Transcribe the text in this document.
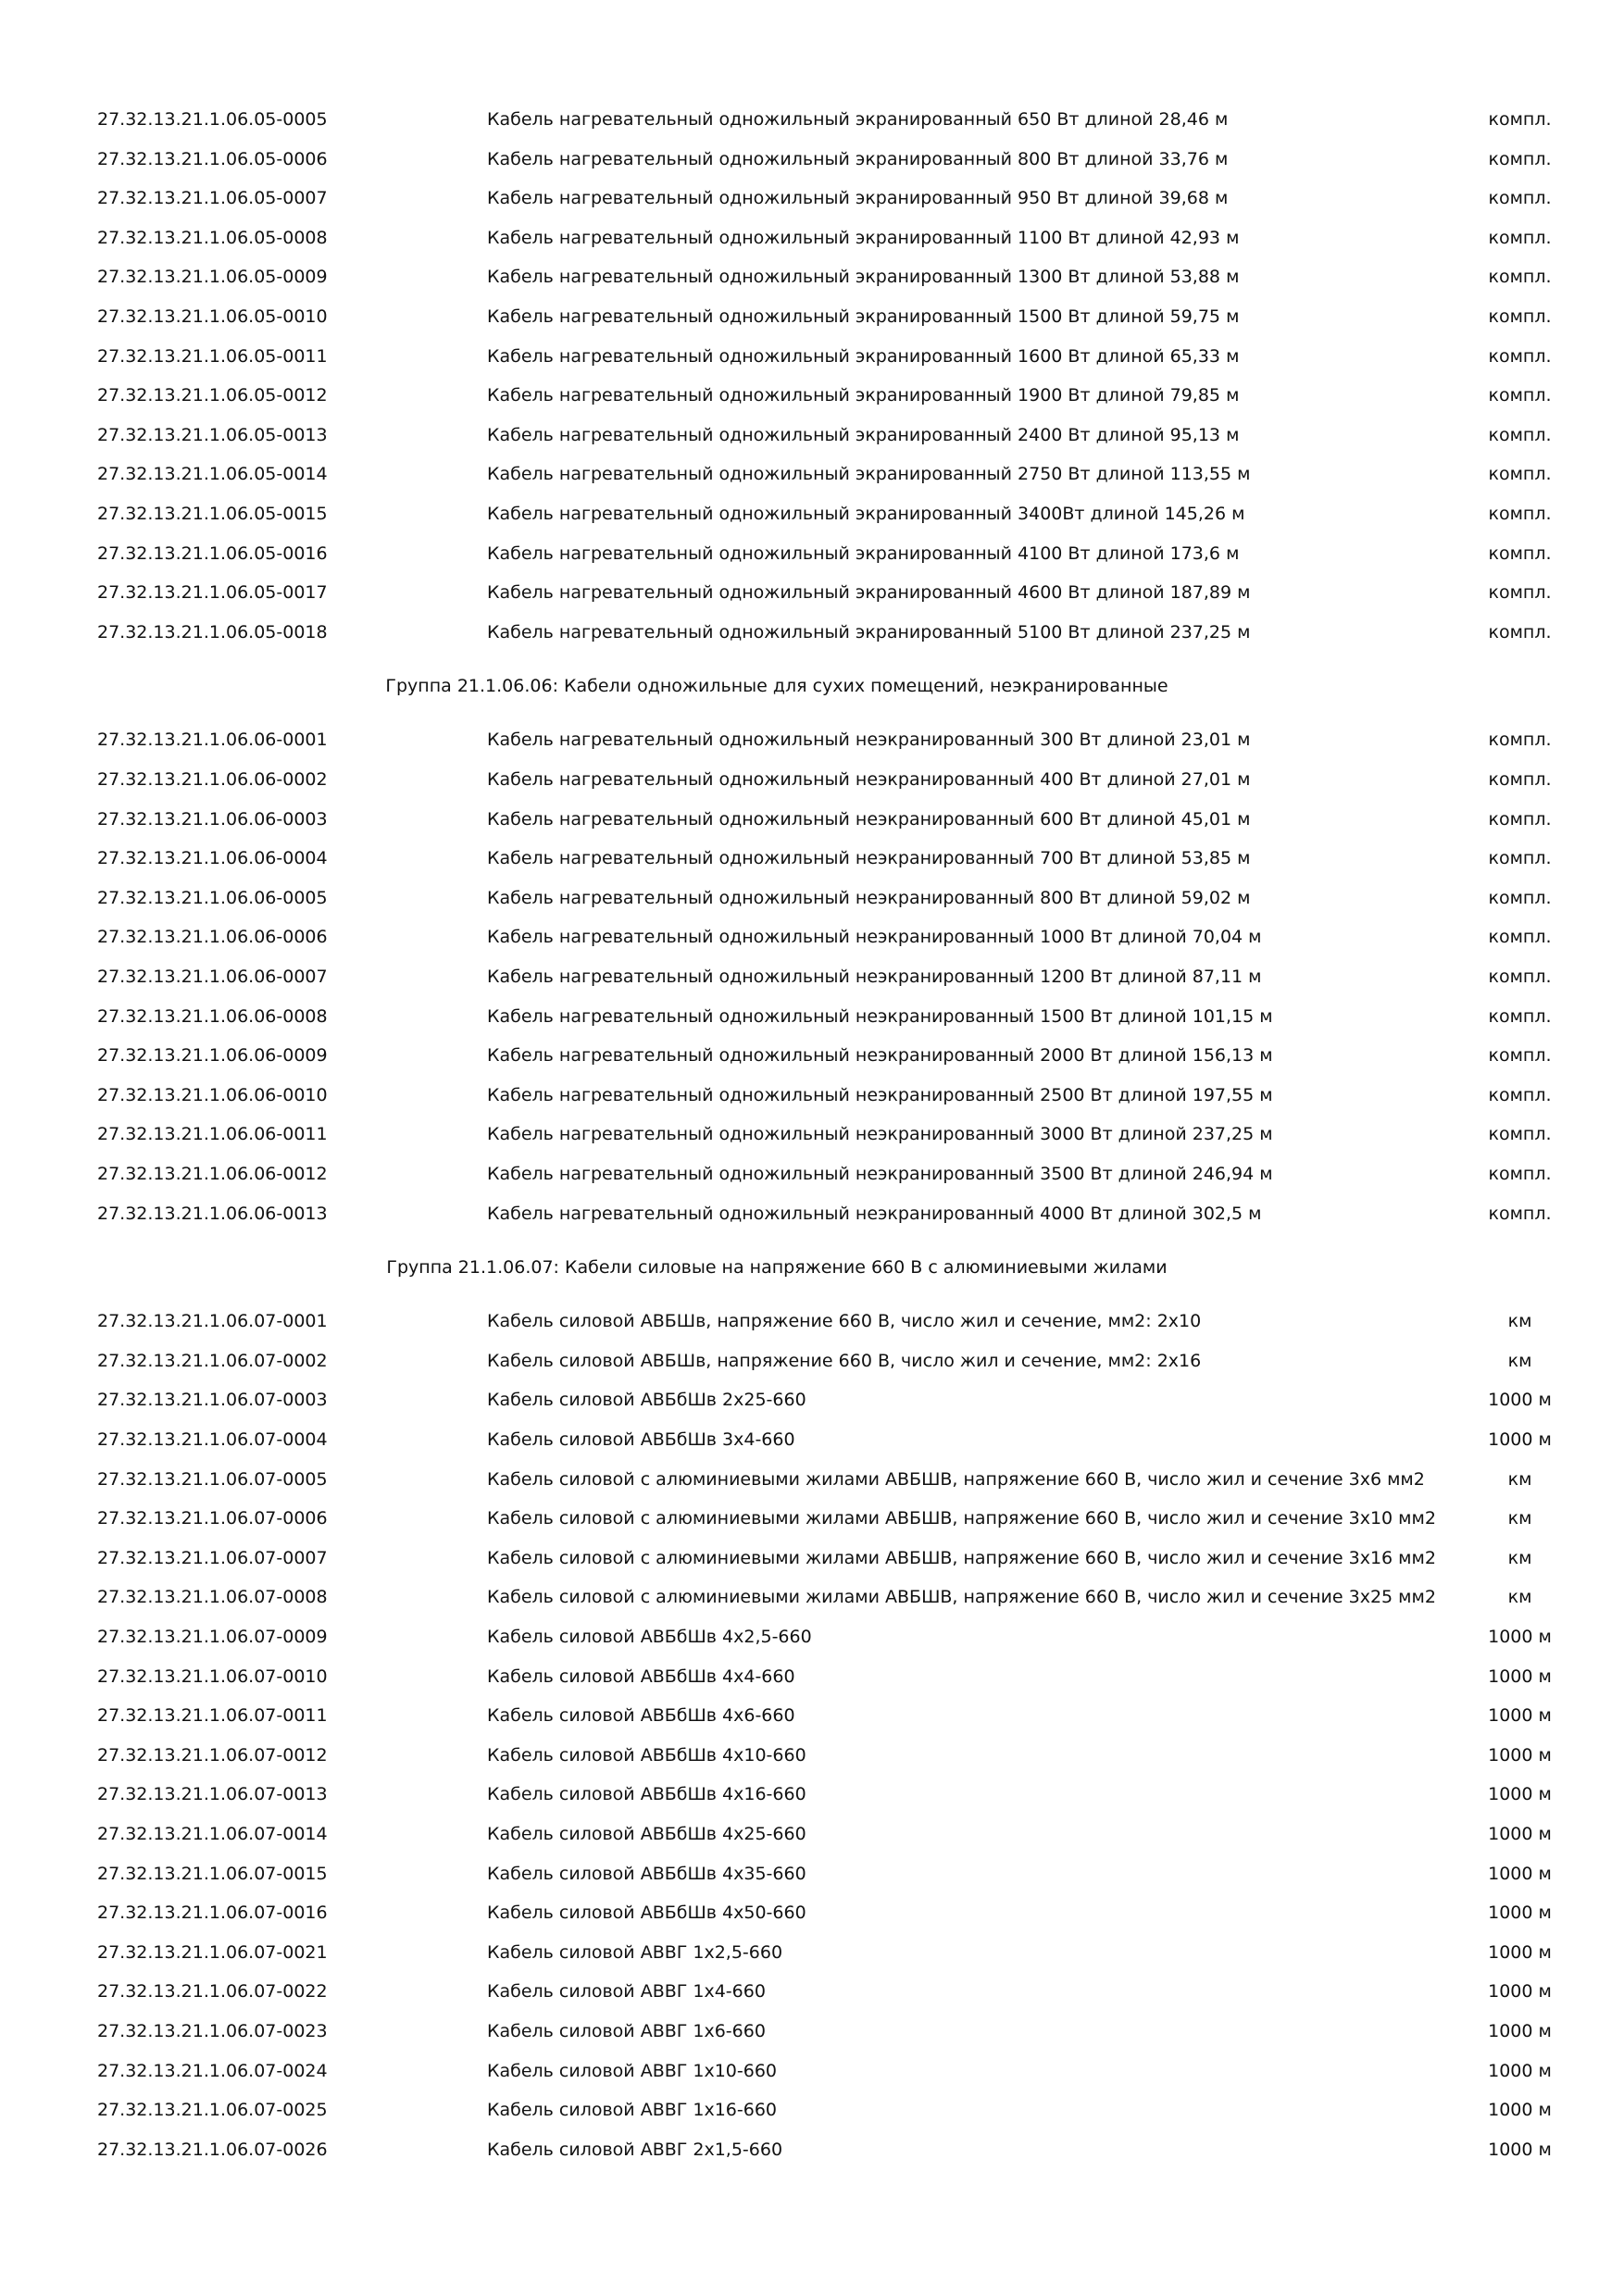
27.32.13.21.1.06.05-0005	Кабель нагревательный одножильный экранированный 650 Вт длиной 28,46 м	компл.
27.32.13.21.1.06.05-0006	Кабель нагревательный одножильный экранированный 800 Вт длиной 33,76 м	компл.
27.32.13.21.1.06.05-0007	Кабель нагревательный одножильный экранированный 950 Вт длиной 39,68 м	компл.
27.32.13.21.1.06.05-0008	Кабель нагревательный одножильный экранированный 1100 Вт длиной 42,93 м	компл.
27.32.13.21.1.06.05-0009	Кабель нагревательный одножильный экранированный 1300 Вт длиной 53,88 м	компл.
27.32.13.21.1.06.05-0010	Кабель нагревательный одножильный экранированный 1500 Вт длиной 59,75 м	компл.
27.32.13.21.1.06.05-0011	Кабель нагревательный одножильный экранированный 1600 Вт длиной 65,33 м	компл.
27.32.13.21.1.06.05-0012	Кабель нагревательный одножильный экранированный 1900 Вт длиной 79,85 м	компл.
27.32.13.21.1.06.05-0013	Кабель нагревательный одножильный экранированный 2400 Вт длиной 95,13 м	компл.
27.32.13.21.1.06.05-0014	Кабель нагревательный одножильный экранированный 2750 Вт длиной 113,55 м	компл.
27.32.13.21.1.06.05-0015	Кабель нагревательный одножильный экранированный 3400Вт длиной 145,26 м	компл.
27.32.13.21.1.06.05-0016	Кабель нагревательный одножильный экранированный 4100 Вт длиной 173,6 м	компл.
27.32.13.21.1.06.05-0017	Кабель нагревательный одножильный экранированный 4600 Вт длиной 187,89 м	компл.
27.32.13.21.1.06.05-0018	Кабель нагревательный одножильный экранированный 5100 Вт длиной 237,25 м	компл.
Группа 21.1.06.06: Кабели одножильные для сухих помещений, неэкранированные
27.32.13.21.1.06.06-0001	Кабель нагревательный одножильный неэкранированный 300 Вт длиной 23,01 м	компл.
27.32.13.21.1.06.06-0002	Кабель нагревательный одножильный неэкранированный 400 Вт длиной 27,01 м	компл.
27.32.13.21.1.06.06-0003	Кабель нагревательный одножильный неэкранированный 600 Вт длиной 45,01 м	компл.
27.32.13.21.1.06.06-0004	Кабель нагревательный одножильный неэкранированный 700 Вт длиной 53,85 м	компл.
27.32.13.21.1.06.06-0005	Кабель нагревательный одножильный неэкранированный 800 Вт длиной 59,02 м	компл.
27.32.13.21.1.06.06-0006	Кабель нагревательный одножильный неэкранированный 1000 Вт длиной 70,04 м	компл.
27.32.13.21.1.06.06-0007	Кабель нагревательный одножильный неэкранированный 1200 Вт длиной 87,11 м	компл.
27.32.13.21.1.06.06-0008	Кабель нагревательный одножильный неэкранированный 1500 Вт длиной 101,15 м	компл.
27.32.13.21.1.06.06-0009	Кабель нагревательный одножильный неэкранированный 2000 Вт длиной 156,13 м	компл.
27.32.13.21.1.06.06-0010	Кабель нагревательный одножильный неэкранированный 2500 Вт длиной 197,55 м	компл.
27.32.13.21.1.06.06-0011	Кабель нагревательный одножильный неэкранированный 3000 Вт длиной 237,25 м	компл.
27.32.13.21.1.06.06-0012	Кабель нагревательный одножильный неэкранированный 3500 Вт длиной 246,94 м	компл.
27.32.13.21.1.06.06-0013	Кабель нагревательный одножильный неэкранированный 4000 Вт длиной 302,5 м	компл.
Группа 21.1.06.07: Кабели силовые на напряжение 660 В с алюминиевыми жилами
27.32.13.21.1.06.07-0001	Кабель силовой АВБШв, напряжение 660 В, число жил и сечение, мм2: 2х10	км
27.32.13.21.1.06.07-0002	Кабель силовой АВБШв, напряжение 660 В, число жил и сечение, мм2: 2х16	км
27.32.13.21.1.06.07-0003	Кабель силовой АВБбШв 2х25-660	1000 м
27.32.13.21.1.06.07-0004	Кабель силовой АВБбШв 3х4-660	1000 м
27.32.13.21.1.06.07-0005	Кабель силовой с алюминиевыми жилами АВБШВ, напряжение 660 В, число жил и сечение 3х6 мм2	км
27.32.13.21.1.06.07-0006	Кабель силовой с алюминиевыми жилами АВБШВ, напряжение 660 В, число жил и сечение 3х10 мм2	км
27.32.13.21.1.06.07-0007	Кабель силовой с алюминиевыми жилами АВБШВ, напряжение 660 В, число жил и сечение 3х16 мм2	км
27.32.13.21.1.06.07-0008	Кабель силовой с алюминиевыми жилами АВБШВ, напряжение 660 В, число жил и сечение 3х25 мм2	км
27.32.13.21.1.06.07-0009	Кабель силовой АВБбШв 4х2,5-660	1000 м
27.32.13.21.1.06.07-0010	Кабель силовой АВБбШв 4х4-660	1000 м
27.32.13.21.1.06.07-0011	Кабель силовой АВБбШв 4х6-660	1000 м
27.32.13.21.1.06.07-0012	Кабель силовой АВБбШв 4х10-660	1000 м
27.32.13.21.1.06.07-0013	Кабель силовой АВБбШв 4х16-660	1000 м
27.32.13.21.1.06.07-0014	Кабель силовой АВБбШв 4х25-660	1000 м
27.32.13.21.1.06.07-0015	Кабель силовой АВБбШв 4х35-660	1000 м
27.32.13.21.1.06.07-0016	Кабель силовой АВБбШв 4х50-660	1000 м
27.32.13.21.1.06.07-0021	Кабель силовой АВВГ 1х2,5-660	1000 м
27.32.13.21.1.06.07-0022	Кабель силовой АВВГ 1х4-660	1000 м
27.32.13.21.1.06.07-0023	Кабель силовой АВВГ 1х6-660	1000 м
27.32.13.21.1.06.07-0024	Кабель силовой АВВГ 1х10-660	1000 м
27.32.13.21.1.06.07-0025	Кабель силовой АВВГ 1х16-660	1000 м
27.32.13.21.1.06.07-0026	Кабель силовой АВВГ 2х1,5-660	1000 м
